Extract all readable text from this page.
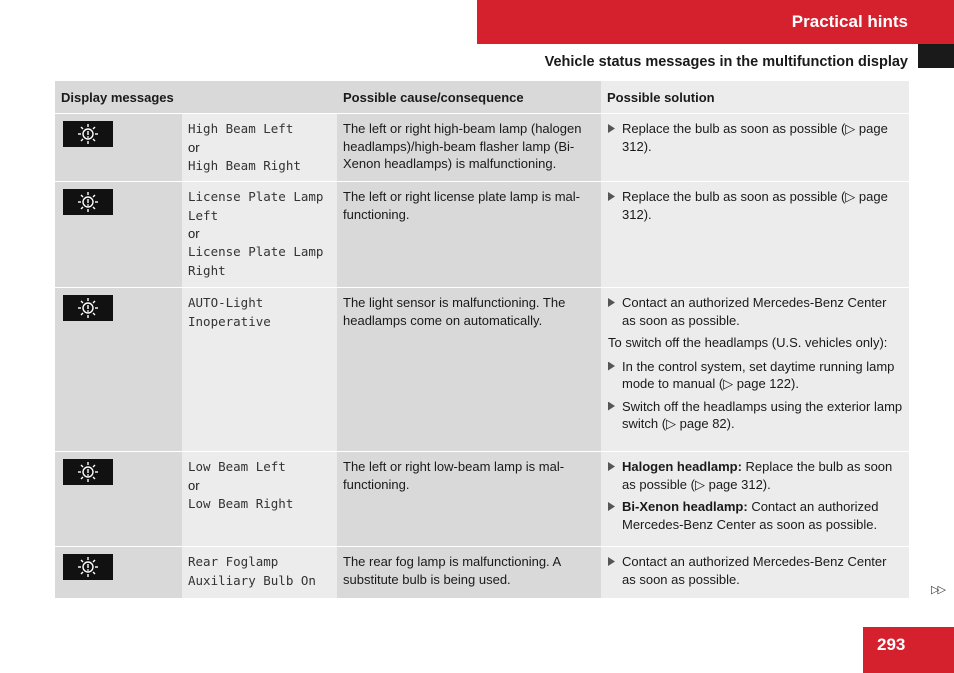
Practical hints
Vehicle status messages in the multifunction display
Display messages	Possible cause/consequence	Possible solution
High Beam Left
or
High Beam Right
The left or right high-beam lamp (halogen headlamps)/high-beam flasher lamp (Bi-Xenon headlamps) is malfunctioning.
Replace the bulb as soon as possible (▷ page 312).
License Plate Lamp Left
or
License Plate Lamp Right
The left or right license plate lamp is mal-functioning.
Replace the bulb as soon as possible (▷ page 312).
AUTO-Light Inoperative
The light sensor is malfunctioning. The headlamps come on automatically.
Contact an authorized Mercedes-Benz Center as soon as possible.
To switch off the headlamps (U.S. vehicles only):
In the control system, set daytime running lamp mode to manual (▷ page 122).
Switch off the headlamps using the exterior lamp switch (▷ page 82).
Low Beam Left
or
Low Beam Right
The left or right low-beam lamp is mal-functioning.
Halogen headlamp: Replace the bulb as soon as possible (▷ page 312).
Bi-Xenon headlamp: Contact an authorized Mercedes-Benz Center as soon as possible.
Rear Foglamp Auxiliary Bulb On
The rear fog lamp is malfunctioning. A substitute bulb is being used.
Contact an authorized Mercedes-Benz Center as soon as possible.
▷▷
293
